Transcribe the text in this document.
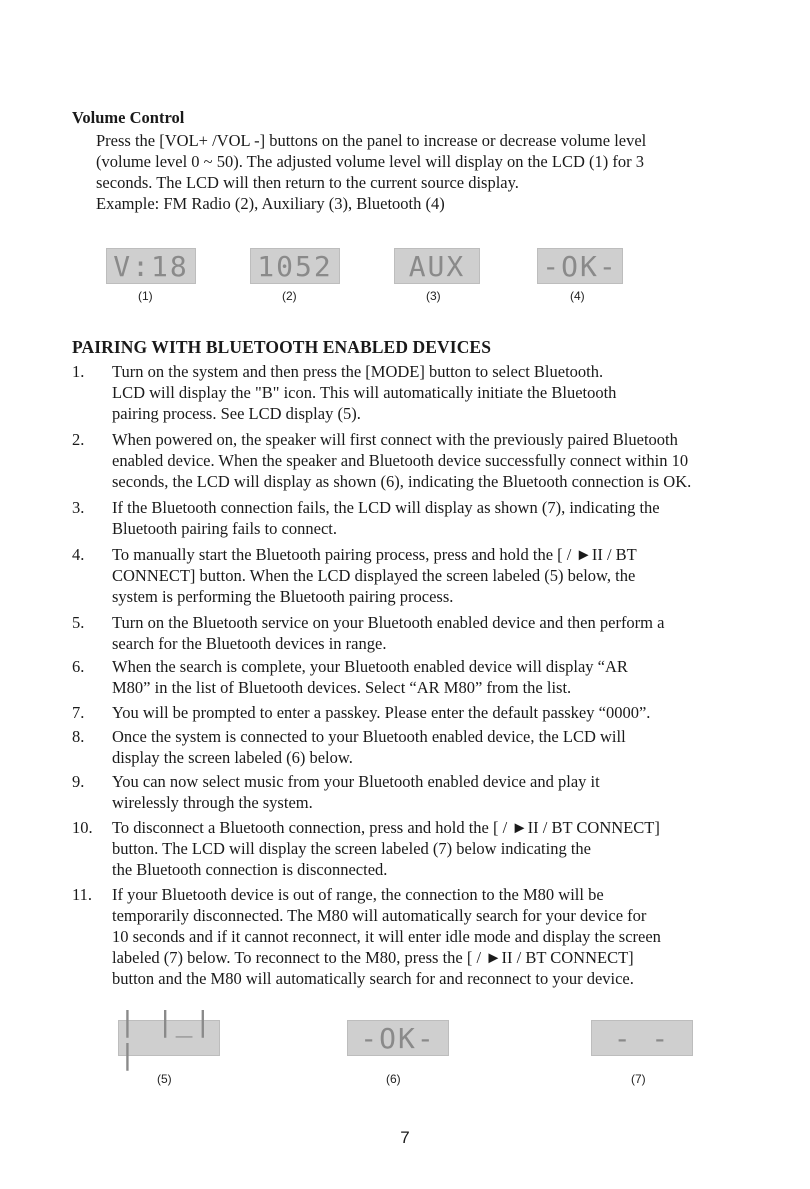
Volume Control
Press the [VOL+ /VOL -] buttons on the panel to increase or decrease volume level
(volume level 0 ~ 50). The adjusted volume level will display on the LCD (1) for 3
seconds. The LCD will then return to the current source display.
Example: FM Radio (2), Auxiliary (3), Bluetooth (4)
V:18
(1)
1052
(2)
AUX
(3)
-OK-
(4)
PAIRING WITH BLUETOOTH ENABLED DEVICES
1.	Turn on the system and then press the [MODE] button to select Bluetooth.
LCD will display the "B" icon. This will automatically initiate the Bluetooth
pairing process. See LCD display (5).
2.	When powered on, the speaker will first connect with the previously paired Bluetooth
enabled device. When the speaker and Bluetooth device successfully connect within 10
seconds, the LCD will display as shown (6), indicating the Bluetooth connection is OK.
3.	If the Bluetooth connection fails, the LCD will display as shown (7), indicating the
Bluetooth pairing fails to connect.
4.	To manually start the Bluetooth pairing process, press and hold the [ / ►II / BT
CONNECT] button. When the LCD displayed the screen labeled (5) below, the
system is performing the Bluetooth pairing process.
5.	Turn on the Bluetooth service on your Bluetooth enabled device and then perform a
search for the Bluetooth devices in range.
6.	When the search is complete, your Bluetooth enabled device will display “AR
M80” in the list of Bluetooth devices. Select “AR M80” from the list.
7.	You will be prompted to enter a passkey. Please enter the default passkey “0000”.
8.	Once the system is connected to your Bluetooth enabled device, the LCD will
display the screen labeled (6) below.
9.	You can now select music from your Bluetooth enabled device and play it
wirelessly through the system.
10.	To disconnect a Bluetooth connection, press and hold the [ / ►II / BT CONNECT]
button. The LCD will display the screen labeled (7) below indicating the
the Bluetooth connection is disconnected.
11.	If your Bluetooth device is out of range, the connection to the M80 will be
temporarily disconnected. The M80 will automatically search for your device for
10 seconds and if it cannot reconnect, it will enter idle mode and display the screen
labeled (7) below. To reconnect to the M80, press the [ / ►II / BT CONNECT]
button and the M80 will automatically search for and reconnect to your device.
| |_| |
(5)
-OK-
(6)
- -
(7)
7
